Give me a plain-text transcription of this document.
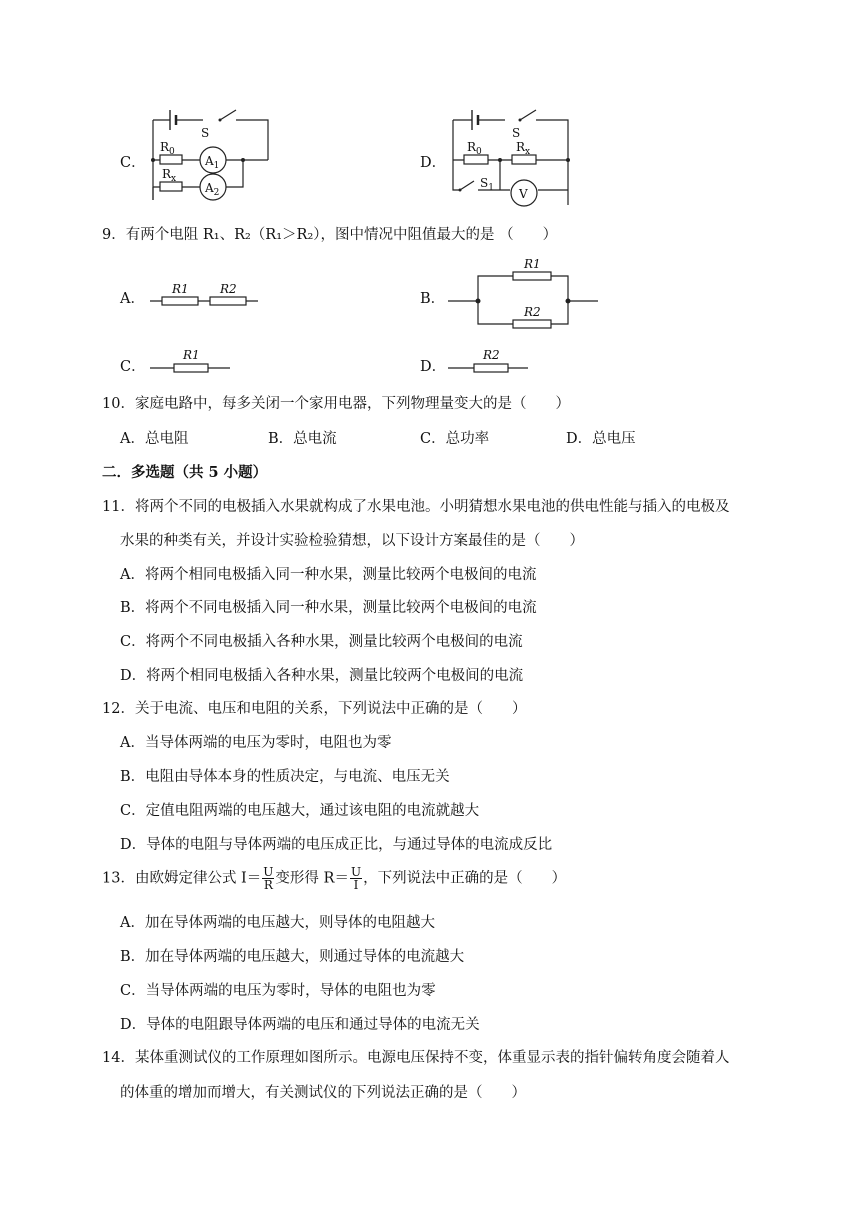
C．
S
$R_0$
$A_1$
$R_x$
$A_2$
D．
S
$R_0$	$R_x$
$S_1$ V
9．有两个电阻 R₁、R₂（R₁＞R₂），图中情况中阻值最大的是 （　　）
A．
R1	R2
B．
R1
R2
C．
R1
D．
R2
10．家庭电路中，每多关闭一个家用电器，下列物理量变大的是（　　）
A．总电阻	B．总电流	C．总功率	D．总电压
二．多选题（共 5 小题）
11．将两个不同的电极插入水果就构成了水果电池。小明猜想水果电池的供电性能与插入的电极及
水果的种类有关，并设计实验检验猜想，以下设计方案最佳的是（　　）
A．将两个相同电极插入同一种水果，测量比较两个电极间的电流
B．将两个不同电极插入同一种水果，测量比较两个电极间的电流
C．将两个不同电极插入各种水果，测量比较两个电极间的电流
D．将两个相同电极插入各种水果，测量比较两个电极间的电流
12．关于电流、电压和电阻的关系，下列说法中正确的是（　　）
A．当导体两端的电压为零时，电阻也为零
B．电阻由导体本身的性质决定，与电流、电压无关
C．定值电阻两端的电压越大，通过该电阻的电流就越大
D．导体的电阻与导体两端的电压成正比，与通过导体的电流成反比
13．由欧姆定律公式 $I= \frac{U}{R}$ 变形得 $R= \frac{U}{I}$ ，下列说法中正确的是（　　）
A．加在导体两端的电压越大，则导体的电阻越大
B．加在导体两端的电压越大，则通过导体的电流越大
C．当导体两端的电压为零时，导体的电阻也为零
D．导体的电阻跟导体两端的电压和通过导体的电流无关
14．某体重测试仪的工作原理如图所示。电源电压保持不变，体重显示表的指针偏转角度会随着人
的体重的增加而增大，有关测试仪的下列说法正确的是（　　）
